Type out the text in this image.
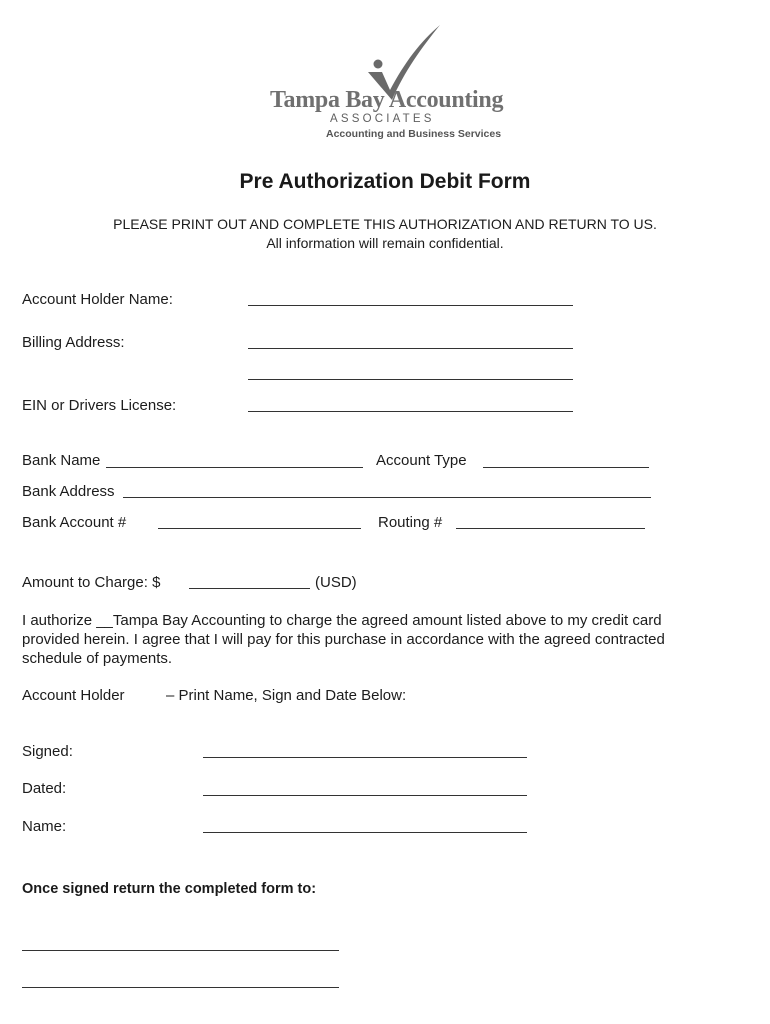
Tampa Bay Accounting
ASSOCIATES
Accounting and Business Services
Pre Authorization Debit Form
PLEASE PRINT OUT AND COMPLETE THIS AUTHORIZATION AND RETURN TO US.
All information will remain confidential.
Account Holder Name:
Billing Address:
EIN or Drivers License:
Bank Name	Account Type
Bank Address
Bank Account #	Routing #
Amount to Charge: $	(USD)
I authorize __Tampa Bay Accounting to charge the agreed amount listed above to my credit card provided herein. I agree that I will pay for this purchase in accordance with the agreed contracted schedule of payments.
Account Holder	– Print Name, Sign and Date Below:
Signed:
Dated:
Name:
Once signed return the completed form to:
